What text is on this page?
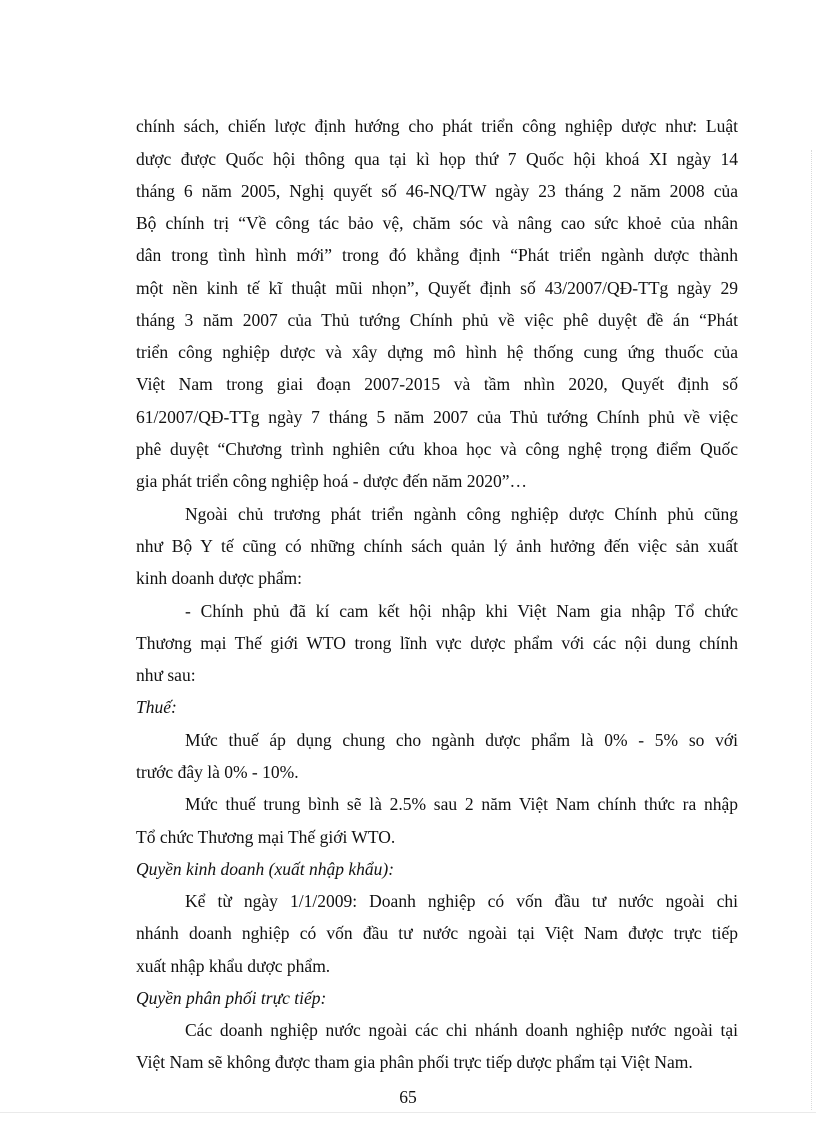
chính sách, chiến lược định hướng cho phát triển công nghiệp dược như: Luật
dược được Quốc hội thông qua tại kì họp thứ 7 Quốc hội khoá XI ngày 14
tháng 6 năm 2005, Nghị quyết số 46-NQ/TW ngày 23 tháng 2 năm 2008 của
Bộ chính trị “Về công tác bảo vệ, chăm sóc và nâng cao sức khoẻ của nhân
dân trong tình hình mới” trong đó khẳng định “Phát triển ngành dược thành
một nền kinh tế kĩ thuật mũi nhọn”, Quyết định số 43/2007/QĐ-TTg ngày 29
tháng 3 năm 2007 của Thủ tướng Chính phủ về việc phê duyệt đề án “Phát
triển công nghiệp dược và xây dựng mô hình hệ thống cung ứng thuốc của
Việt Nam trong giai đoạn 2007-2015 và tầm nhìn 2020, Quyết định số
61/2007/QĐ-TTg ngày 7 tháng 5 năm 2007 của Thủ tướng Chính phủ về việc
phê duyệt “Chương trình nghiên cứu khoa học và công nghệ trọng điểm Quốc
gia phát triển công nghiệp hoá - dược đến năm 2020”…
Ngoài chủ trương phát triển ngành công nghiệp dược Chính phủ cũng
như Bộ Y tế cũng có những chính sách quản lý ảnh hưởng đến việc sản xuất
kinh doanh dược phẩm:
- Chính phủ đã kí cam kết hội nhập khi Việt Nam gia nhập Tổ chức
Thương mại Thế giới WTO trong lĩnh vực dược phẩm với các nội dung chính
như sau:
Thuế:
Mức thuế áp dụng chung cho ngành dược phẩm là 0% - 5% so với
trước đây là 0% - 10%.
Mức thuế trung bình sẽ là 2.5% sau 2 năm Việt Nam chính thức ra nhập
Tổ chức Thương mại Thế giới WTO.
Quyền kinh doanh (xuất nhập khẩu):
Kể từ ngày 1/1/2009: Doanh nghiệp có vốn đầu tư nước ngoài chi
nhánh doanh nghiệp có vốn đầu tư nước ngoài tại Việt Nam được trực tiếp
xuất nhập khẩu dược phẩm.
Quyền phân phối trực tiếp:
Các doanh nghiệp nước ngoài các chi nhánh doanh nghiệp nước ngoài tại
Việt Nam sẽ không được tham gia phân phối trực tiếp dược phẩm tại Việt Nam.
65
